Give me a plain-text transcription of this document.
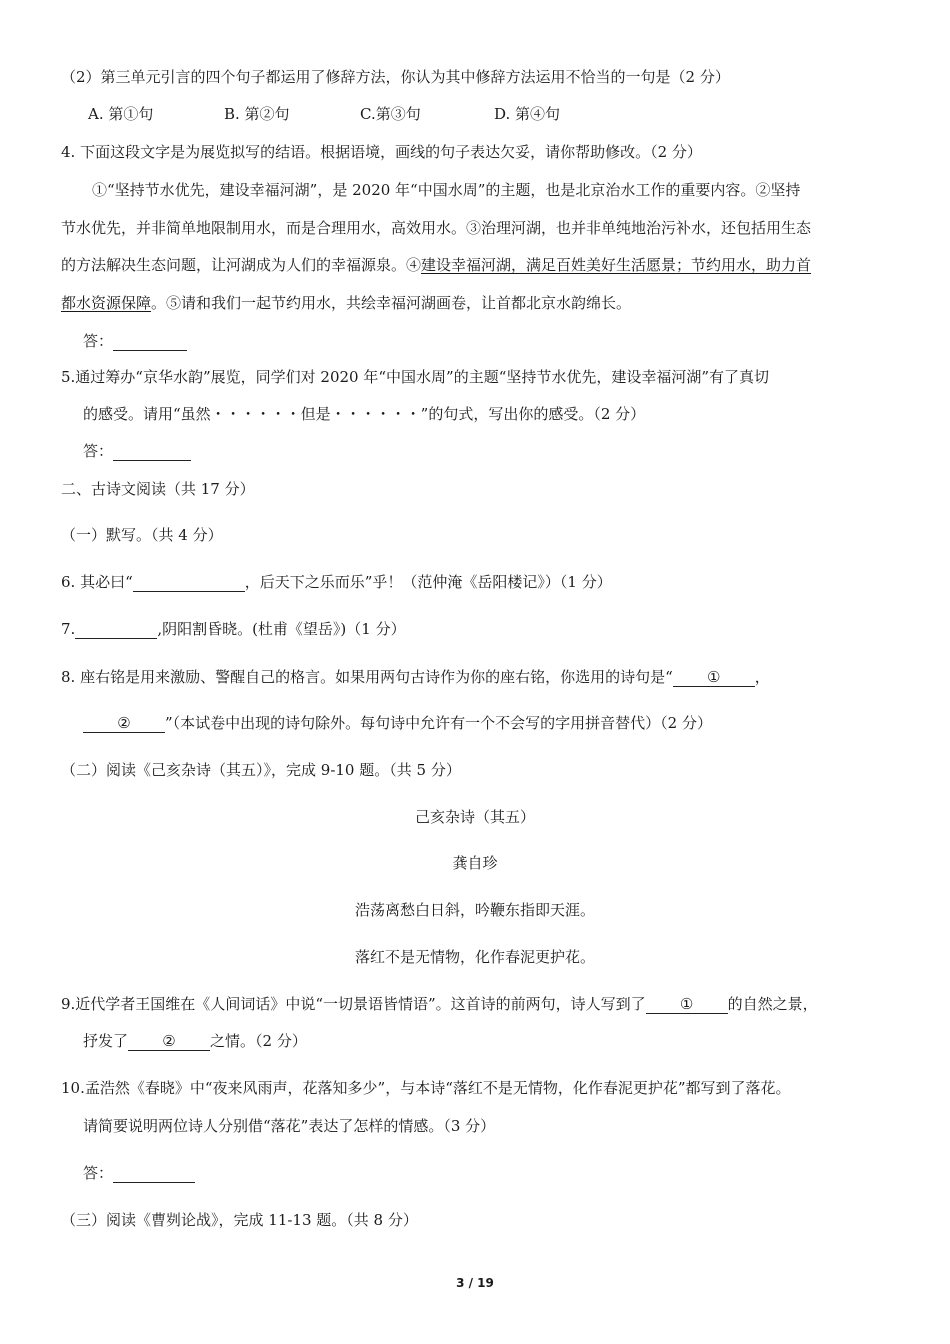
（2）第三单元引言的四个句子都运用了修辞方法，你认为其中修辞方法运用不恰当的一句是（2 分）
A. 第①句	B. 第②句	C.第③句	D. 第④句
4. 下面这段文字是为展览拟写的结语。根据语境，画线的句子表达欠妥，请你帮助修改。（2 分）
①“坚持节水优先，建设幸福河湖”，是 2020 年“中国水周”的主题，也是北京治水工作的重要内容。②坚持
节水优先，并非简单地限制用水，而是合理用水，高效用水。③治理河湖，也并非单纯地治污补水，还包括用生态
的方法解决生态问题，让河湖成为人们的幸福源泉。④建设幸福河湖，满足百姓美好生活愿景；节约用水，助力首
都水资源保障。⑤请和我们一起节约用水，共绘幸福河湖画卷，让首都北京水韵绵长。
答：
5.通过筹办“京华水韵”展览，同学们对 2020 年“中国水周”的主题“坚持节水优先，建设幸福河湖”有了真切
的感受。请用“虽然・・・・・・但是・・・・・・”的句式，写出你的感受。（2 分）
答：
二、古诗文阅读（共 17 分）
（一）默写。（共 4 分）
6. 其必曰“	，后天下之乐而乐”乎！（范仲淹《岳阳楼记》）（1 分）
7.	,阴阳割昏晓。(杜甫《望岳》)（1 分）
8. 座右铭是用来激励、警醒自己的格言。如果用两句古诗作为你的座右铭，你选用的诗句是“ ① ，
② ”（本试卷中出现的诗句除外。每句诗中允许有一个不会写的字用拼音替代）（2 分）
（二）阅读《己亥杂诗（其五）》，完成 9-10 题。（共 5 分）
己亥杂诗（其五）
龚自珍
浩荡离愁白日斜，吟鞭东指即天涯。
落红不是无情物，化作春泥更护花。
9.近代学者王国维在《人间词话》中说“一切景语皆情语”。这首诗的前两句，诗人写到了 ① 的自然之景，
抒发了 ② 之情。（2 分）
10.孟浩然《春晓》中“夜来风雨声，花落知多少”，与本诗“落红不是无情物，化作春泥更护花”都写到了落花。
请简要说明两位诗人分别借“落花”表达了怎样的情感。（3 分）
答：
（三）阅读《曹刿论战》，完成 11-13 题。（共 8 分）
3 / 19
